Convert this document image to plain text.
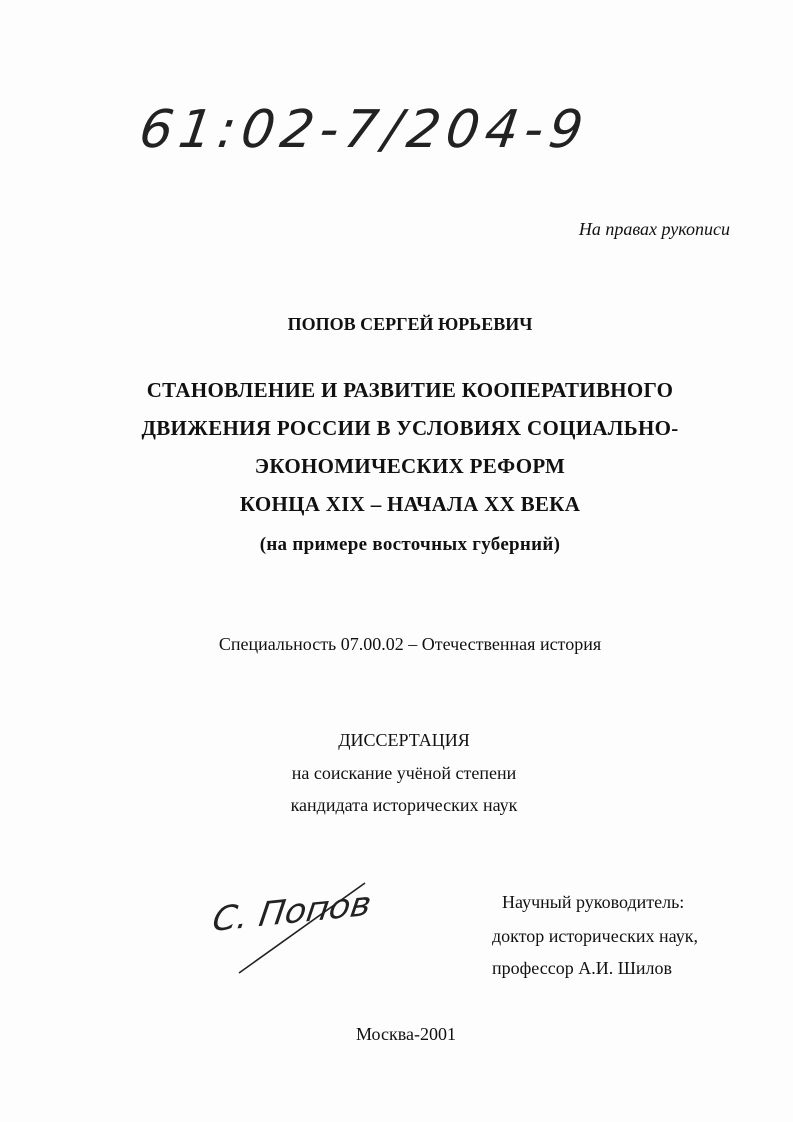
61:02-7/204-9
На правах рукописи
ПОПОВ СЕРГЕЙ ЮРЬЕВИЧ
СТАНОВЛЕНИЕ И РАЗВИТИЕ КООПЕРАТИВНОГО
ДВИЖЕНИЯ РОССИИ В УСЛОВИЯХ СОЦИАЛЬНО-
ЭКОНОМИЧЕСКИХ РЕФОРМ
КОНЦА XIX – НАЧАЛА XX ВЕКА
(на примере восточных губерний)
Специальность 07.00.02 – Отечественная история
ДИССЕРТАЦИЯ
на соискание учёной степени
кандидата исторических наук
С. Попов	Научный руководитель:
доктор исторических наук,
профессор А.И. Шилов
Москва-2001
